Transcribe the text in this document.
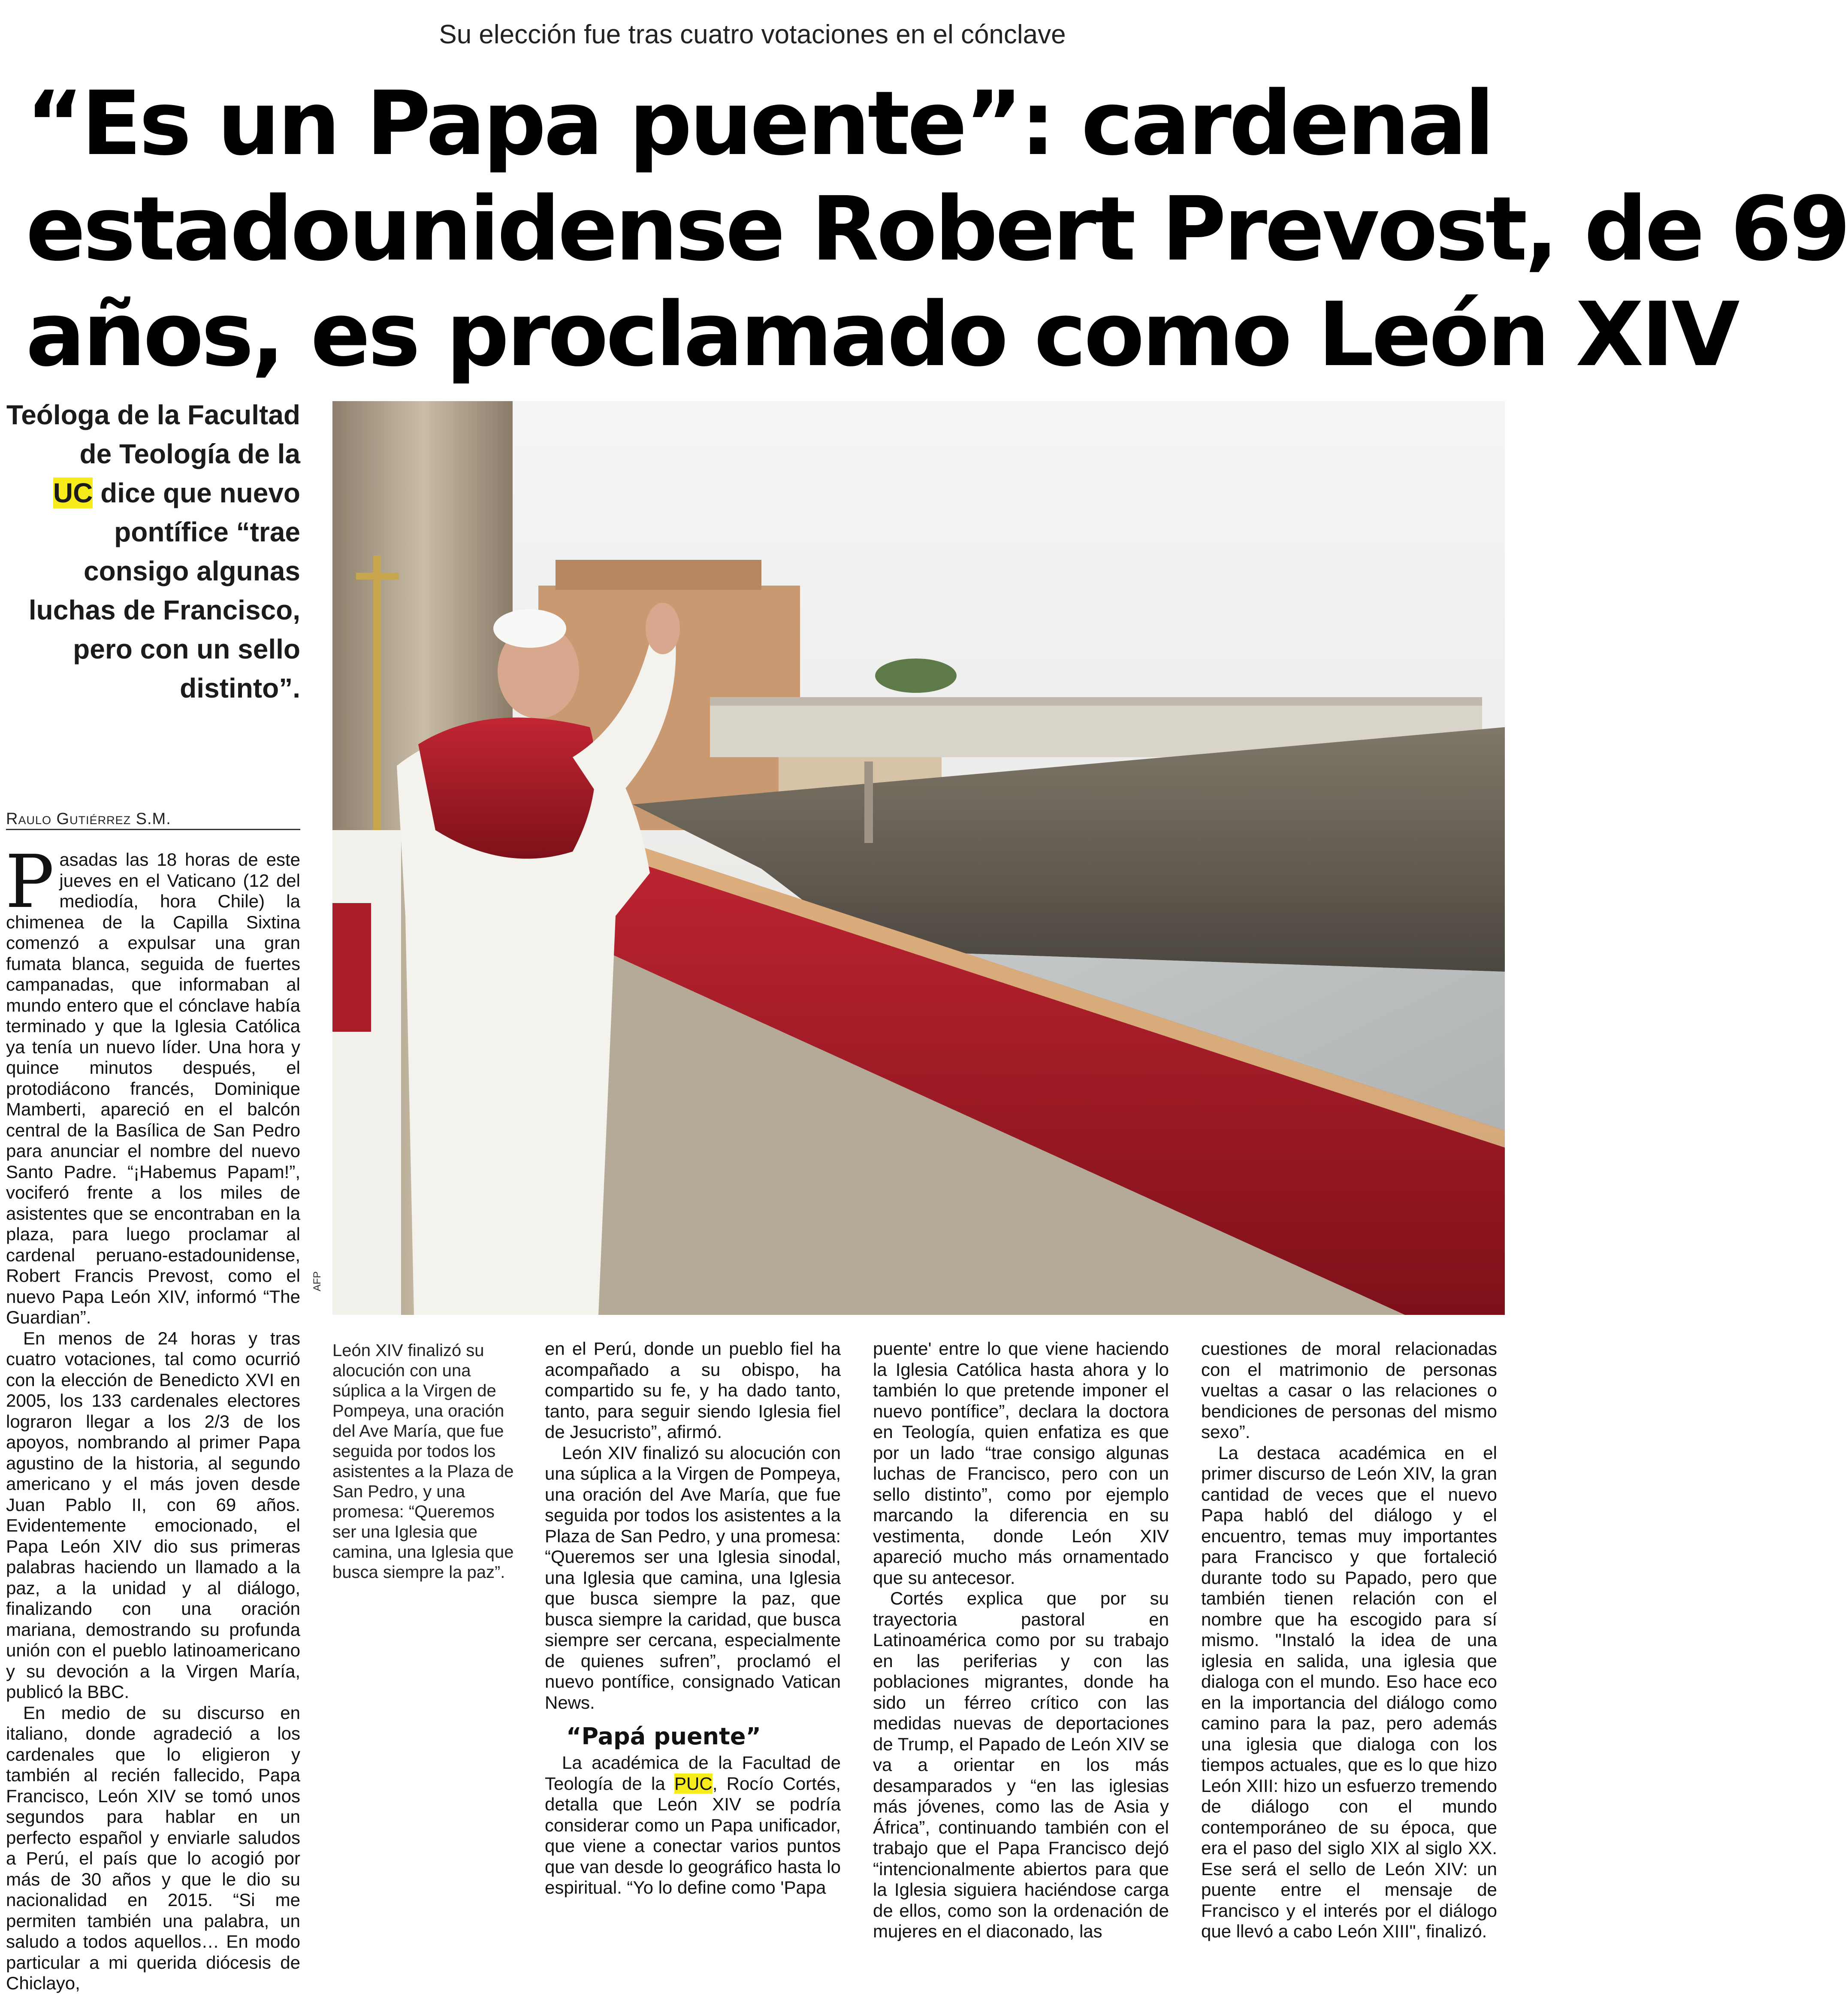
Su elección fue tras cuatro votaciones en el cónclave
“Es un Papa puente”: cardenal
estadounidense Robert Prevost, de 69
años, es proclamado como León XIV
Teóloga de la Facultad
de Teología de la
UC dice que nuevo
pontífice “trae
consigo algunas
luchas de Francisco,
pero con un sello
distinto”.
Raulo Gutiérrez S.M.

Pasadas las 18 horas de este jueves en el Vaticano (12 del mediodía, hora Chile) la chimenea de la Capilla Sixtina comenzó a expulsar una gran fumata blanca, seguida de fuertes campanadas, que informaban al mundo entero que el cónclave había terminado y que la Iglesia Católica ya tenía un nuevo líder. Una hora y quince minutos después, el protodiácono francés, Dominique Mamberti, apareció en el balcón central de la Basílica de San Pedro para anunciar el nombre del nuevo Santo Padre. “¡Habemus Papam!”, vociferó frente a los miles de asistentes que se encontraban en la plaza, para luego proclamar al cardenal peruano-estadounidense, Robert Francis Prevost, como el nuevo Papa León XIV, informó “The Guardian”.

En menos de 24 horas y tras cuatro votaciones, tal como ocurrió con la elección de Benedicto XVI en 2005, los 133 cardenales electores lograron llegar a los 2/3 de los apoyos, nombrando al primer Papa agustino de la historia, al segundo americano y el más joven desde Juan Pablo II, con 69 años. Evidentemente emocionado, el Papa León XIV dio sus primeras palabras haciendo un llamado a la paz, a la unidad y al diálogo, finalizando con una oración mariana, demostrando su profunda unión con el pueblo latinoamericano y su devoción a la Virgen María, publicó la BBC.

En medio de su discurso en italiano, donde agradeció a los cardenales que lo eligieron y también al recién fallecido, Papa Francisco, León XIV se tomó unos segundos para hablar en un perfecto español y enviarle saludos a Perú, el país que lo acogió por más de 30 años y que le dio su nacionalidad en 2015. “Si me permiten también una palabra, un saludo a todos aquellos… En modo particular a mi querida diócesis de Chiclayo,

AFP
León XIV finalizó su alocución con una súplica a la Virgen de Pompeya, una oración del Ave María, que fue seguida por todos los asistentes a la Plaza de San Pedro, y una promesa: “Queremos ser una Iglesia que camina, una Iglesia que busca siempre la paz”.

en el Perú, donde un pueblo fiel ha acompañado a su obispo, ha compartido su fe, y ha dado tanto, tanto, para seguir siendo Iglesia fiel de Jesucristo”, afirmó.

León XIV finalizó su alocución con una súplica a la Virgen de Pompeya, una oración del Ave María, que fue seguida por todos los asistentes a la Plaza de San Pedro, y una promesa: “Queremos ser una Iglesia sinodal, una Iglesia que camina, una Iglesia que busca siempre la paz, que busca siempre la caridad, que busca siempre ser cercana, especialmente de quienes sufren”, proclamó el nuevo pontífice, consignado Vatican News.

“Papá puente”

La académica de la Facultad de Teología de la PUC, Rocío Cortés, detalla que León XIV se podría considerar como un Papa unificador, que viene a conectar varios puntos que van desde lo geográfico hasta lo espiritual. “Yo lo define como 'Papa

puente' entre lo que viene haciendo la Iglesia Católica hasta ahora y lo también lo que pretende imponer el nuevo pontífice”, declara la doctora en Teología, quien enfatiza es que por un lado “trae consigo algunas luchas de Francisco, pero con un sello distinto”, como por ejemplo marcando la diferencia en su vestimenta, donde León XIV apareció mucho más ornamentado que su antecesor.

Cortés explica que por su trayectoria pastoral en Latinoamérica como por su trabajo en las periferias y con las poblaciones migrantes, donde ha sido un férreo crítico con las medidas nuevas de deportaciones de Trump, el Papado de León XIV se va a orientar en los más desamparados y “en las iglesias más jóvenes, como las de Asia y África”, continuando también con el trabajo que el Papa Francisco dejó “intencionalmente abiertos para que la Iglesia siguiera haciéndose carga de ellos, como son la ordenación de mujeres en el diaconado, las

cuestiones de moral relacionadas con el matrimonio de personas vueltas a casar o las relaciones o bendiciones de personas del mismo sexo”.

La destaca académica en el primer discurso de León XIV, la gran cantidad de veces que el nuevo Papa habló del diálogo y el encuentro, temas muy importantes para Francisco y que fortaleció durante todo su Papado, pero que también tienen relación con el nombre que ha escogido para sí mismo. "Instaló la idea de una iglesia en salida, una iglesia que dialoga con el mundo. Eso hace eco en la importancia del diálogo como camino para la paz, pero además una iglesia que dialoga con los tiempos actuales, que es lo que hizo León XIII: hizo un esfuerzo tremendo de diálogo con el mundo contemporáneo de su época, que era el paso del siglo XIX al siglo XX. Ese será el sello de León XIV: un puente entre el mensaje de Francisco y el interés por el diálogo que llevó a cabo León XIII", finalizó.
